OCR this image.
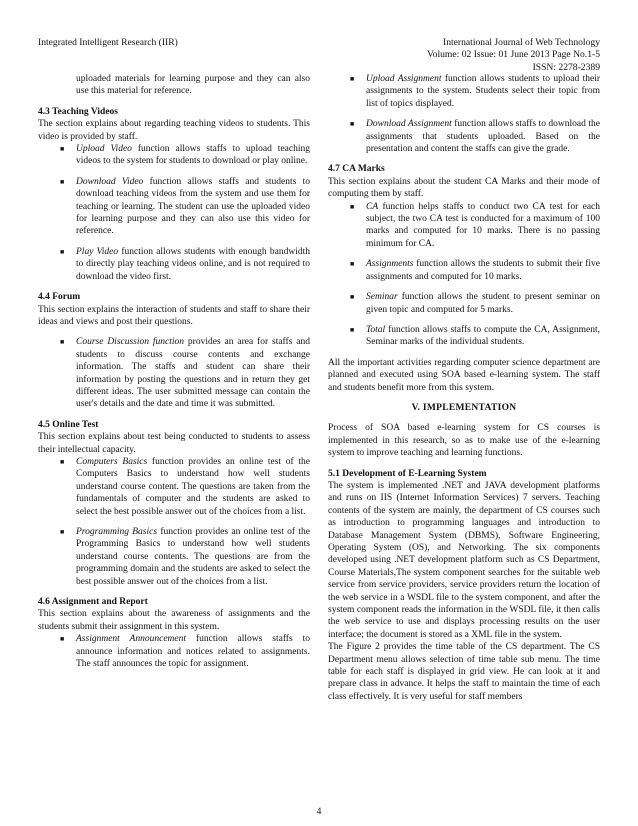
Integrated Intelligent Research (IIR)	International Journal of Web Technology
Volume: 02 Issue: 01 June 2013 Page No.1-5
ISSN: 2278-2389

uploaded materials for learning purpose and they can also use this material for reference.

4.3 Teaching Videos

The section explains about regarding teaching videos to students. This video is provided by staff.

■ Upload Video function allows staffs to upload teaching videos to the system for students to download or play online.
■ Download Video function allows staffs and students to download teaching videos from the system and use them for teaching or learning. The student can use the uploaded video for learning purpose and they can also use this video for reference.
■ Play Video function allows students with enough bandwidth to directly play teaching videos online, and is not required to download the video first.
4.4 Forum

This section explains the interaction of students and staff to share their ideas and views and post their questions.

■ Course Discussion function provides an area for staffs and students to discuss course contents and exchange information. The staffs and student can share their information by posting the questions and in return they get different ideas. The user submitted message can contain the user's details and the date and time it was submitted.
4.5 Online Test

This section explains about test being conducted to students to assess their intellectual capacity.

■ Computers Basics function provides an online test of the Computers Basics to understand how well students understand course content. The questions are taken from the fundamentals of computer and the students are asked to select the best possible answer out of the choices from a list.
■ Programming Basics function provides an online test of the Programming Basics to understand how well students understand course contents. The questions are from the programming domain and the students are asked to select the best possible answer out of the choices from a list.
4.6 Assignment and Report

This section explains about the awareness of assignments and the students submit their assignment in this system.

■ Assignment Announcement function allows staffs to announce information and notices related to assignments. The staff announces the topic for assignment.
■ Upload Assignment function allows students to upload their assignments to the system. Students select their topic from list of topics displayed.
■ Download Assignment function allows staffs to download the assignments that students uploaded. Based on the presentation and content the staffs can give the grade.
4.7 CA Marks

This section explains about the student CA Marks and their mode of computing them by staff.

■ CA function helps staffs to conduct two CA test for each subject, the two CA test is conducted for a maximum of 100 marks and computed for 10 marks. There is no passing minimum for CA.
■ Assignments function allows the students to submit their five assignments and computed for 10 marks.
■ Seminar function allows the student to present seminar on given topic and computed for 5 marks.
■ Total function allows staffs to compute the CA, Assignment, Seminar marks of the individual students.

All the important activities regarding computer science department are planned and executed using SOA based e-learning system. The staff and students benefit more from this system.

V. IMPLEMENTATION

Process of SOA based e-learning system for CS courses is implemented in this research, so as to make use of the e-learning system to improve teaching and learning functions.

5.1 Development of E-Learning System

The system is implemented .NET and JAVA development platforms and runs on IIS (Internet Information Services) 7 servers. Teaching contents of the system are mainly, the department of CS courses such as introduction to programming languages and introduction to Database Management System (DBMS), Software Engineering, Operating System (OS), and Networking. The six components developed using .NET development platform such as CS Department, Course Materials,The system component searches for the suitable web service from service providers, service providers return the location of the web service in a WSDL file to the system component, and after the system component reads the information in the WSDL file, it then calls the web service to use and displays processing results on the user interface; the document is stored as a XML file in the system.

The Figure 2 provides the time table of the CS department. The CS Department menu allows selection of time table sub menu. The time table for each staff is displayed in grid view. He can look at it and prepare class in advance. It helps the staff to maintain the time of each class effectively. It is very useful for staff members

4
